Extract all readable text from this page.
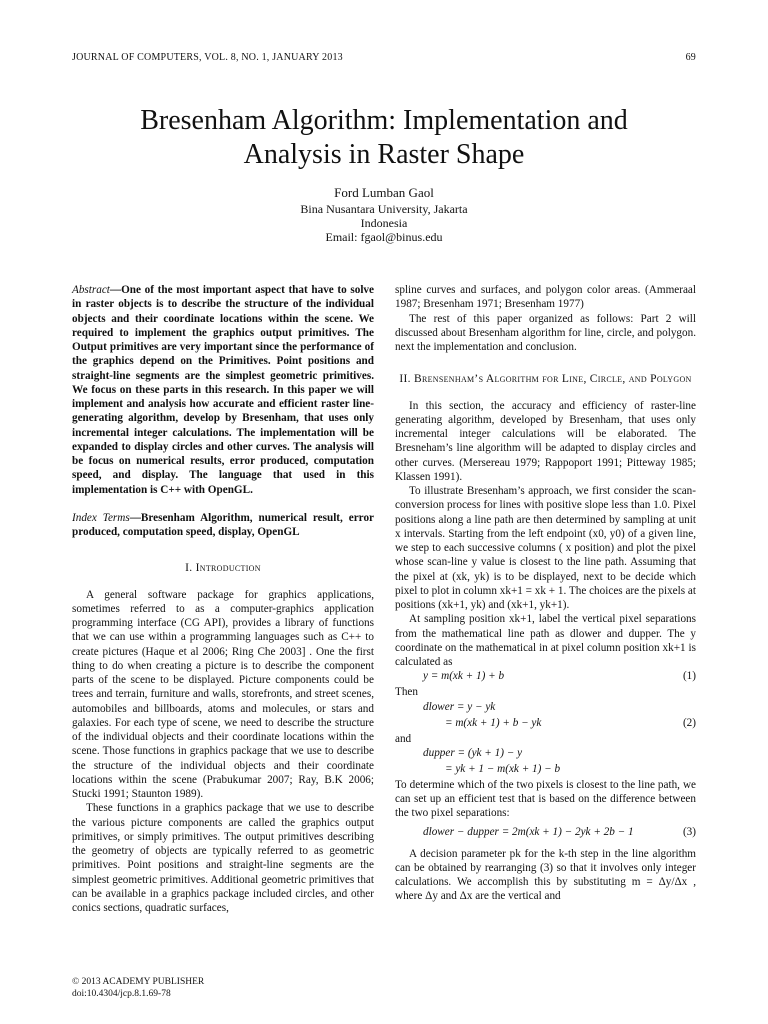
JOURNAL OF COMPUTERS, VOL. 8, NO. 1, JANUARY 2013	69
Bresenham Algorithm: Implementation and
Analysis in Raster Shape
Ford Lumban Gaol
Bina Nusantara University, Jakarta
Indonesia
Email: fgaol@binus.edu

Abstract—One of the most important aspect that have to solve in raster objects is to describe the structure of the individual objects and their coordinate locations within the scene. We required to implement the graphics output primitives. The Output primitives are very important since the performance of the graphics depend on the Primitives. Point positions and straight-line segments are the simplest geometric primitives. We focus on these parts in this research. In this paper we will implement and analysis how accurate and efficient raster line-generating algorithm, develop by Bresenham, that uses only incremental integer calculations. The implementation will be expanded to display circles and other curves. The analysis will be focus on numerical results, error produced, computation speed, and display. The language that used in this implementation is C++ with OpenGL.

Index Terms—Bresenham Algorithm, numerical result, error produced, computation speed, display, OpenGL

I. Introduction

A general software package for graphics applications, sometimes referred to as a computer-graphics application programming interface (CG API), provides a library of functions that we can use within a programming languages such as C++ to create pictures (Haque et al 2006; Ring Che 2003] . One the first thing to do when creating a picture is to describe the component parts of the scene to be displayed. Picture components could be trees and terrain, furniture and walls, storefronts, and street scenes, automobiles and billboards, atoms and molecules, or stars and galaxies. For each type of scene, we need to describe the structure of the individual objects and their coordinate locations within the scene. Those functions in graphics package that we use to describe the structure of the individual objects and their coordinate locations within the scene (Prabukumar 2007; Ray, B.K 2006; Stucki 1991; Staunton 1989).

These functions in a graphics package that we use to describe the various picture components are called the graphics output primitives, or simply primitives. The output primitives describing the geometry of objects are typically referred to as geometric primitives. Point positions and straight-line segments are the simplest geometric primitives. Additional geometric primitives that can be available in a graphics package included circles, and other conics sections, quadratic surfaces,

spline curves and surfaces, and polygon color areas. (Ammeraal 1987; Bresenham 1971; Bresenham 1977)

The rest of this paper organized as follows: Part 2 will discussed about Bresenham algorithm for line, circle, and polygon. next the implementation and conclusion.

II. Brensenham’s Algorithm for Line, Circle, and Polygon

In this section, the accuracy and efficiency of raster-line generating algorithm, developed by Bresenham, that uses only incremental integer calculations will be elaborated. The Bresneham’s line algorithm will be adapted to display circles and other curves. (Mersereau 1979; Rappoport 1991; Pitteway 1985; Klassen 1991).

To illustrate Bresenham’s approach, we first consider the scan-conversion process for lines with positive slope less than 1.0. Pixel positions along a line path are then determined by sampling at unit x intervals. Starting from the left endpoint (x0, y0) of a given line, we step to each successive columns ( x position) and plot the pixel whose scan-line y value is closest to the line path. Assuming that the pixel at (xk, yk) is to be displayed, next to be decide which pixel to plot in column xk+1 = xk + 1. The choices are the pixels at positions (xk+1, yk) and (xk+1, yk+1).

At sampling position xk+1, label the vertical pixel separations from the mathematical line path as dlower and dupper. The y coordinate on the mathematical in at pixel column position xk+1 is calculated as

y = m(xk + 1) + b	(1)

Then

dlower = y − yk
= m(xk + 1) + b − yk	(2)

and

dupper = (yk + 1) − y
= yk + 1 − m(xk + 1) − b

To determine which of the two pixels is closest to the line path, we can set up an efficient test that is based on the difference between the two pixel separations:

dlower − dupper = 2m(xk + 1) − 2yk + 2b − 1	(3)

A decision parameter pk for the k-th step in the line algorithm can be obtained by rearranging (3) so that it involves only integer calculations. We accomplish this by substituting m = Δy/Δx , where Δy and Δx are the vertical and

© 2013 ACADEMY PUBLISHER
doi:10.4304/jcp.8.1.69-78
